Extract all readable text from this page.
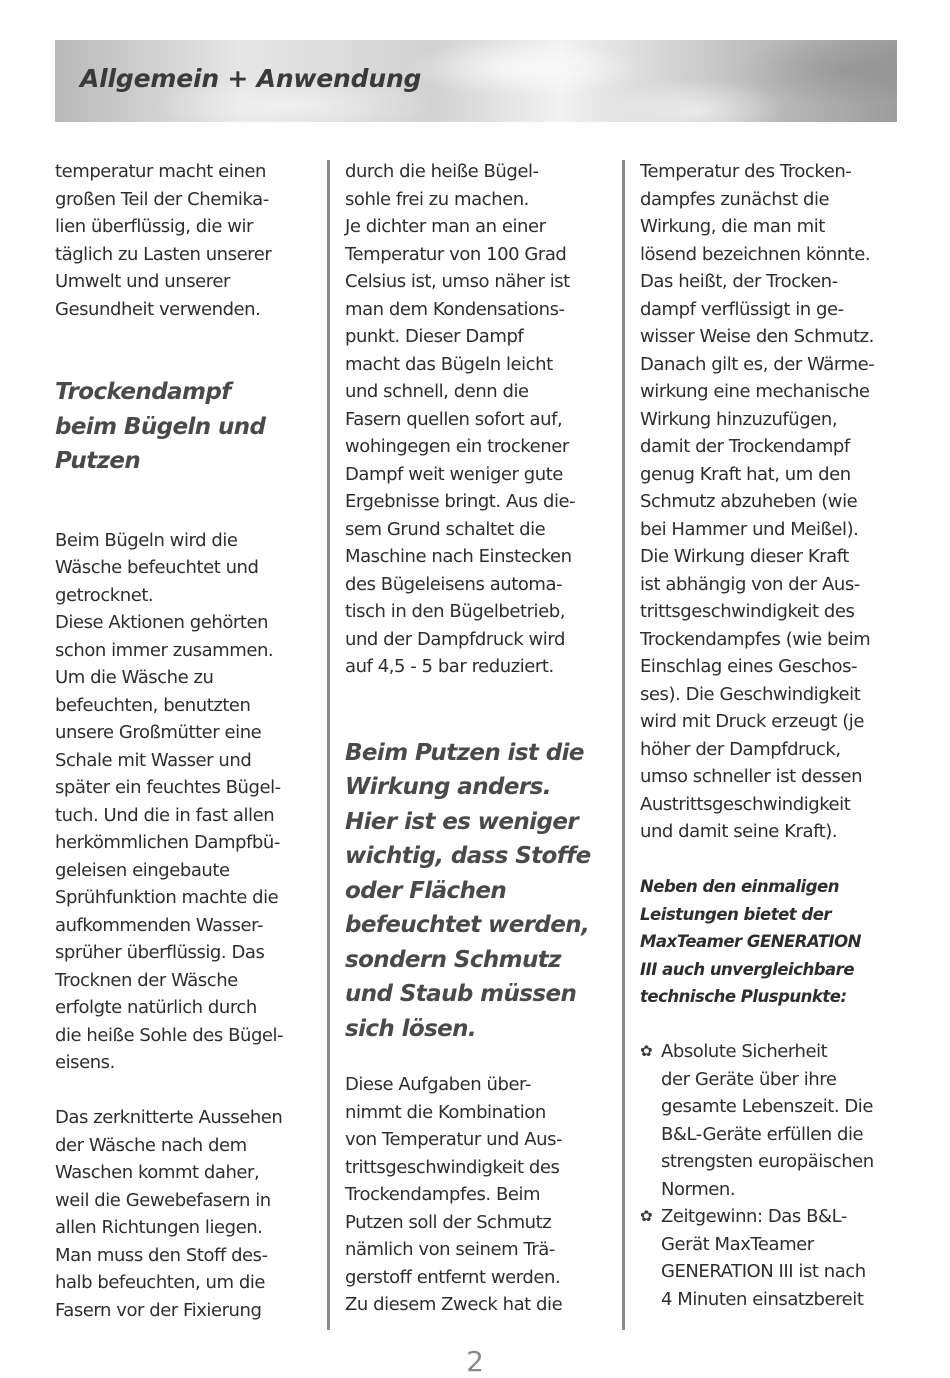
Allgemein + Anwendung

temperatur macht einen
großen Teil der Chemika-
lien überflüssig, die wir
täglich zu Lasten unserer
Umwelt und unserer
Gesundheit verwenden.

Trockendampf
beim Bügeln und
Putzen

Beim Bügeln wird die
Wäsche befeuchtet und
getrocknet.
Diese Aktionen gehörten
schon immer zusammen.
Um die Wäsche zu
befeuchten, benutzten
unsere Großmütter eine
Schale mit Wasser und
später ein feuchtes Bügel-
tuch. Und die in fast allen
herkömmlichen Dampfbü-
geleisen eingebaute
Sprühfunktion machte die
aufkommenden Wasser-
sprüher überflüssig. Das
Trocknen der Wäsche
erfolgte natürlich durch
die heiße Sohle des Bügel-
eisens.

Das zerknitterte Aussehen
der Wäsche nach dem
Waschen kommt daher,
weil die Gewebefasern in
allen Richtungen liegen.
Man muss den Stoff des-
halb befeuchten, um die
Fasern vor der Fixierung

durch die heiße Bügel-
sohle frei zu machen.
Je dichter man an einer
Temperatur von 100 Grad
Celsius ist, umso näher ist
man dem Kondensations-
punkt. Dieser Dampf
macht das Bügeln leicht
und schnell, denn die
Fasern quellen sofort auf,
wohingegen ein trockener
Dampf weit weniger gute
Ergebnisse bringt. Aus die-
sem Grund schaltet die
Maschine nach Einstecken
des Bügeleisens automa-
tisch in den Bügelbetrieb,
und der Dampfdruck wird
auf 4,5 - 5 bar reduziert.

Beim Putzen ist die
Wirkung anders.
Hier ist es weniger
wichtig, dass Stoffe
oder Flächen
befeuchtet werden,
sondern Schmutz
und Staub müssen
sich lösen.

Diese Aufgaben über-
nimmt die Kombination
von Temperatur und Aus-
trittsgeschwindigkeit des
Trockendampfes. Beim
Putzen soll der Schmutz
nämlich von seinem Trä-
gerstoff entfernt werden.
Zu diesem Zweck hat die

Temperatur des Trocken-
dampfes zunächst die
Wirkung, die man mit
lösend bezeichnen könnte.
Das heißt, der Trocken-
dampf verflüssigt in ge-
wisser Weise den Schmutz.
Danach gilt es, der Wärme-
wirkung eine mechanische
Wirkung hinzuzufügen,
damit der Trockendampf
genug Kraft hat, um den
Schmutz abzuheben (wie
bei Hammer und Meißel).
Die Wirkung dieser Kraft
ist abhängig von der Aus-
trittsgeschwindigkeit des
Trockendampfes (wie beim
Einschlag eines Geschos-
ses). Die Geschwindigkeit
wird mit Druck erzeugt (je
höher der Dampfdruck,
umso schneller ist dessen
Austrittsgeschwindigkeit
und damit seine Kraft).

Neben den einmaligen
Leistungen bietet der
MaxTeamer GENERATION
III auch unvergleichbare
technische Pluspunkte:

✿ Absolute Sicherheit
der Geräte über ihre
gesamte Lebenszeit. Die
B&L-Geräte erfüllen die
strengsten europäischen
Normen.

✿ Zeitgewinn: Das B&L-
Gerät MaxTeamer
GENERATION III ist nach
4 Minuten einsatzbereit

2
